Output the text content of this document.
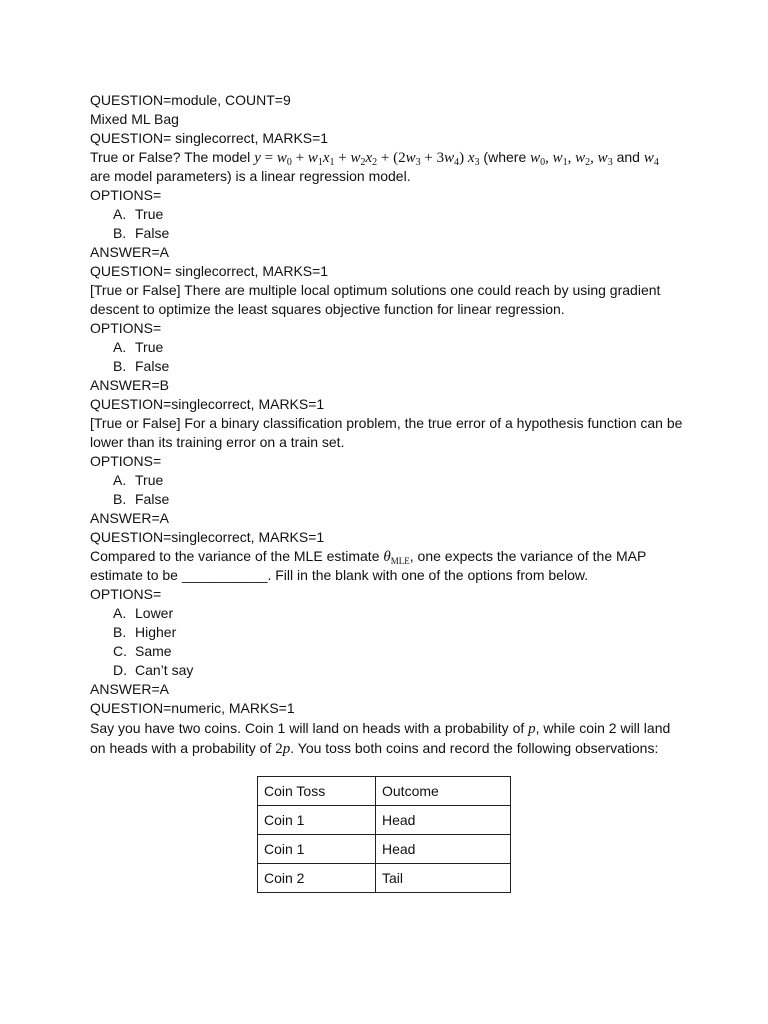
QUESTION=module, COUNT=9
Mixed ML Bag
QUESTION= singlecorrect, MARKS=1
True or False? The model $y = w_0 + w_1x_1 + w_2x_2 + (2w_3 + 3w_4)$ $x_3$ (where $w_0$, $w_1$, $w_2$, $w_3$ and $w_4$
are model parameters) is a linear regression model.
OPTIONS=
A. True
B. False
ANSWER=A
QUESTION= singlecorrect, MARKS=1
[True or False] There are multiple local optimum solutions one could reach by using gradient descent to optimize the least squares objective function for linear regression.
OPTIONS=
A. True
B. False
ANSWER=B
QUESTION=singlecorrect, MARKS=1
[True or False] For a binary classification problem, the true error of a hypothesis function can be lower than its training error on a train set.
OPTIONS=
A. True
B. False
ANSWER=A
QUESTION=singlecorrect, MARKS=1
Compared to the variance of the MLE estimate $\theta_{MLE}$, one expects the variance of the MAP
estimate to be ___________. Fill in the blank with one of the options from below.
OPTIONS=
A. Lower
B. Higher
C. Same
D. Can’t say
ANSWER=A
QUESTION=numeric, MARKS=1
Say you have two coins. Coin 1 will land on heads with a probability of p, while coin 2 will land
on heads with a probability of 2p. You toss both coins and record the following observations:
Coin Toss	Outcome
Coin 1	Head
Coin 1	Head
Coin 2	Tail
